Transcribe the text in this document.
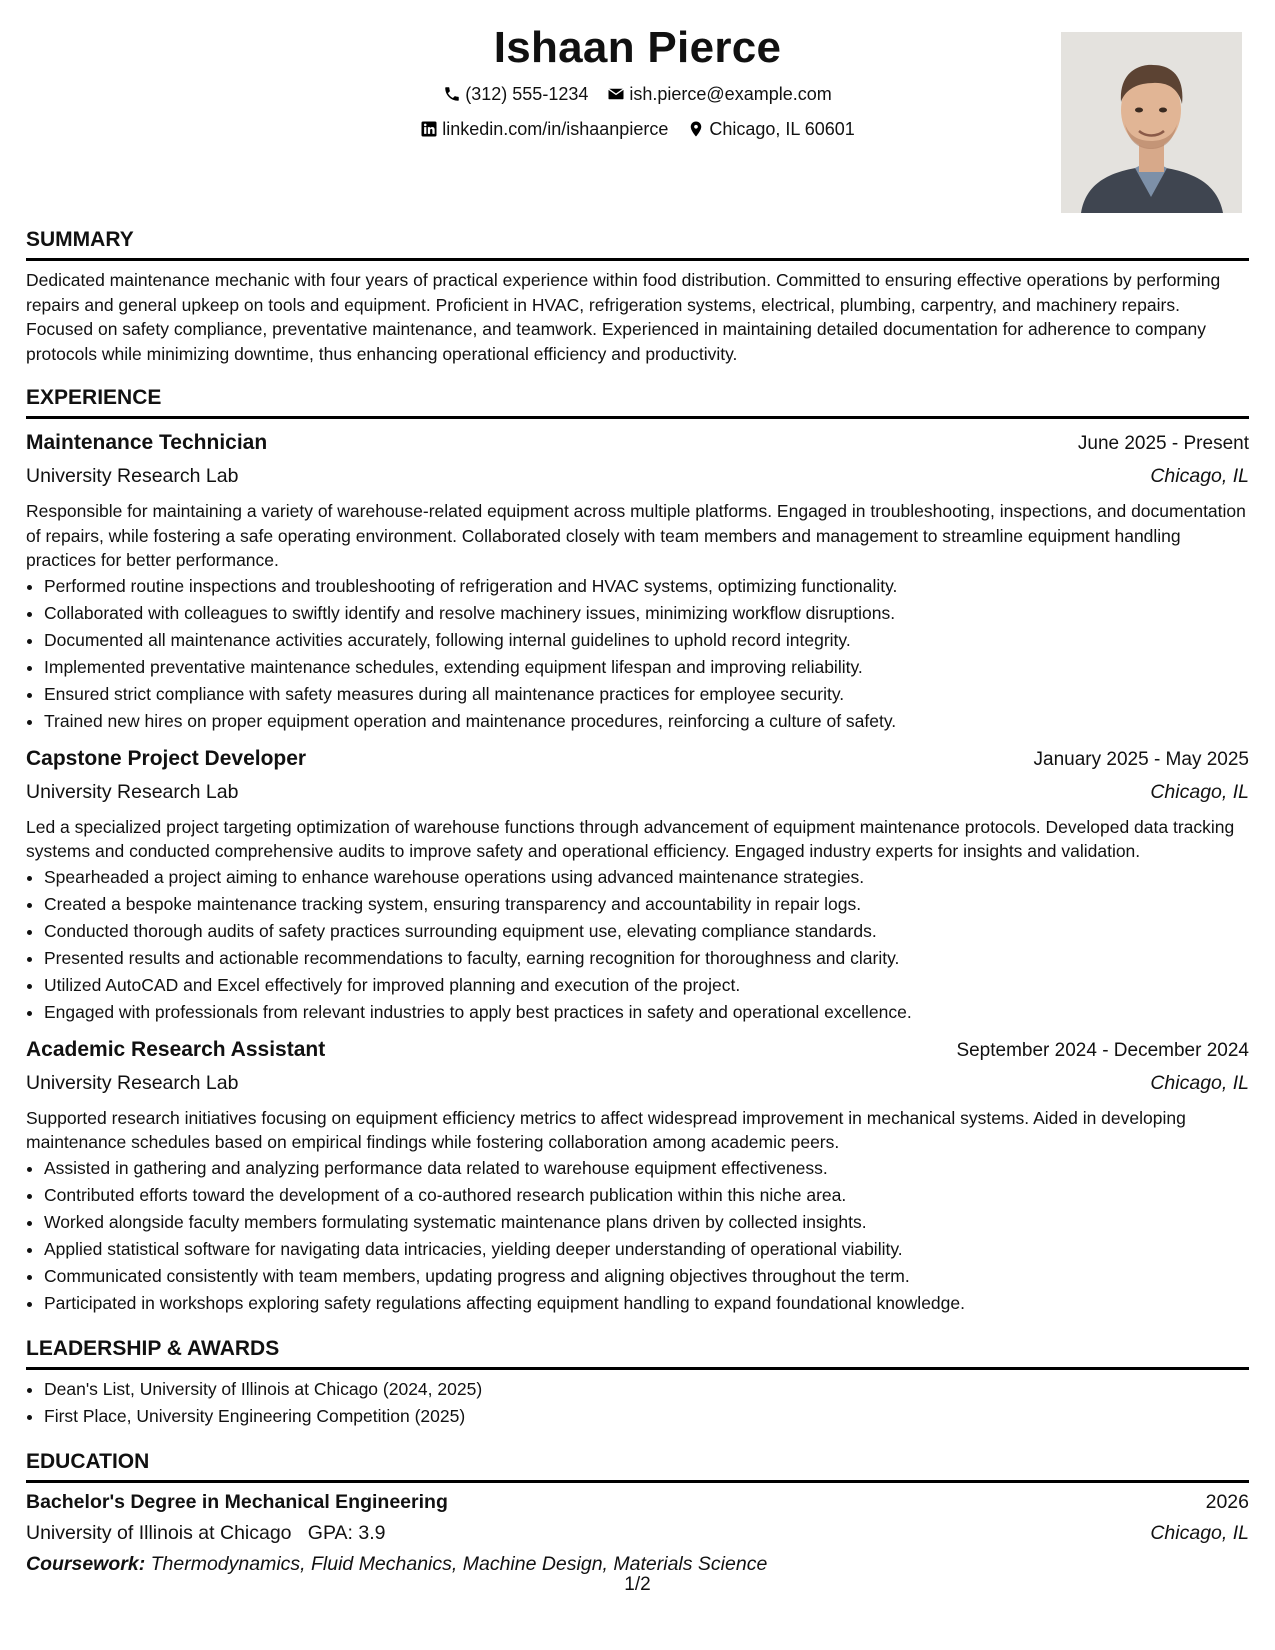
Ishaan Pierce
(312) 555-1234
ish.pierce@example.com
linkedin.com/in/ishaanpierce
Chicago, IL 60601
SUMMARY

Dedicated maintenance mechanic with four years of practical experience within food distribution. Committed to ensuring effective operations by performing repairs and general upkeep on tools and equipment. Proficient in HVAC, refrigeration systems, electrical, plumbing, carpentry, and machinery repairs. Focused on safety compliance, preventative maintenance, and teamwork. Experienced in maintaining detailed documentation for adherence to company protocols while minimizing downtime, thus enhancing operational efficiency and productivity.

EXPERIENCE
Maintenance Technician	June 2025 - Present
University Research Lab	Chicago, IL

Responsible for maintaining a variety of warehouse-related equipment across multiple platforms. Engaged in troubleshooting, inspections, and documentation of repairs, while fostering a safe operating environment. Collaborated closely with team members and management to streamline equipment handling practices for better performance.

• Performed routine inspections and troubleshooting of refrigeration and HVAC systems, optimizing functionality.
• Collaborated with colleagues to swiftly identify and resolve machinery issues, minimizing workflow disruptions.
• Documented all maintenance activities accurately, following internal guidelines to uphold record integrity.
• Implemented preventative maintenance schedules, extending equipment lifespan and improving reliability.
• Ensured strict compliance with safety measures during all maintenance practices for employee security.
• Trained new hires on proper equipment operation and maintenance procedures, reinforcing a culture of safety.
Capstone Project Developer	January 2025 - May 2025
University Research Lab	Chicago, IL

Led a specialized project targeting optimization of warehouse functions through advancement of equipment maintenance protocols. Developed data tracking systems and conducted comprehensive audits to improve safety and operational efficiency. Engaged industry experts for insights and validation.

• Spearheaded a project aiming to enhance warehouse operations using advanced maintenance strategies.
• Created a bespoke maintenance tracking system, ensuring transparency and accountability in repair logs.
• Conducted thorough audits of safety practices surrounding equipment use, elevating compliance standards.
• Presented results and actionable recommendations to faculty, earning recognition for thoroughness and clarity.
• Utilized AutoCAD and Excel effectively for improved planning and execution of the project.
• Engaged with professionals from relevant industries to apply best practices in safety and operational excellence.
Academic Research Assistant	September 2024 - December 2024
University Research Lab	Chicago, IL

Supported research initiatives focusing on equipment efficiency metrics to affect widespread improvement in mechanical systems. Aided in developing maintenance schedules based on empirical findings while fostering collaboration among academic peers.

• Assisted in gathering and analyzing performance data related to warehouse equipment effectiveness.
• Contributed efforts toward the development of a co-authored research publication within this niche area.
• Worked alongside faculty members formulating systematic maintenance plans driven by collected insights.
• Applied statistical software for navigating data intricacies, yielding deeper understanding of operational viability.
• Communicated consistently with team members, updating progress and aligning objectives throughout the term.
• Participated in workshops exploring safety regulations affecting equipment handling to expand foundational knowledge.
LEADERSHIP & AWARDS
• Dean's List, University of Illinois at Chicago (2024, 2025)
• First Place, University Engineering Competition (2025)
EDUCATION
Bachelor's Degree in Mechanical Engineering	2026
University of Illinois at Chicago   GPA: 3.9	Chicago, IL
Coursework: Thermodynamics, Fluid Mechanics, Machine Design, Materials Science
1/2
